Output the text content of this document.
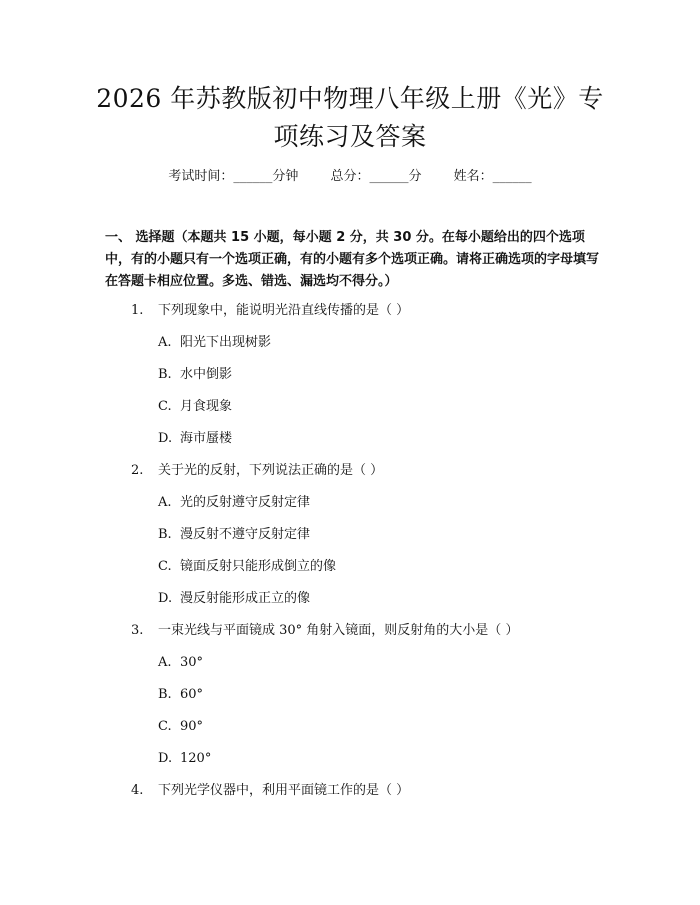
2026 年苏教版初中物理八年级上册《光》专
项练习及答案
考试时间：______分钟 总分：______分 姓名：______
一、 选择题（本题共 15 小题，每小题 2 分，共 30 分。在每小题给出的四个选项中，有的小题只有一个选项正确，有的小题有多个选项正确。请将正确选项的字母填写在答题卡相应位置。多选、错选、漏选均不得分。）
1. 下列现象中，能说明光沿直线传播的是（ ）
A. 阳光下出现树影
B. 水中倒影
C. 月食现象
D. 海市蜃楼
2. 关于光的反射，下列说法正确的是（ ）
A. 光的反射遵守反射定律
B. 漫反射不遵守反射定律
C. 镜面反射只能形成倒立的像
D. 漫反射能形成正立的像
3. 一束光线与平面镜成 30° 角射入镜面，则反射角的大小是（ ）
A. 30°
B. 60°
C. 90°
D. 120°
4. 下列光学仪器中，利用平面镜工作的是（ ）
